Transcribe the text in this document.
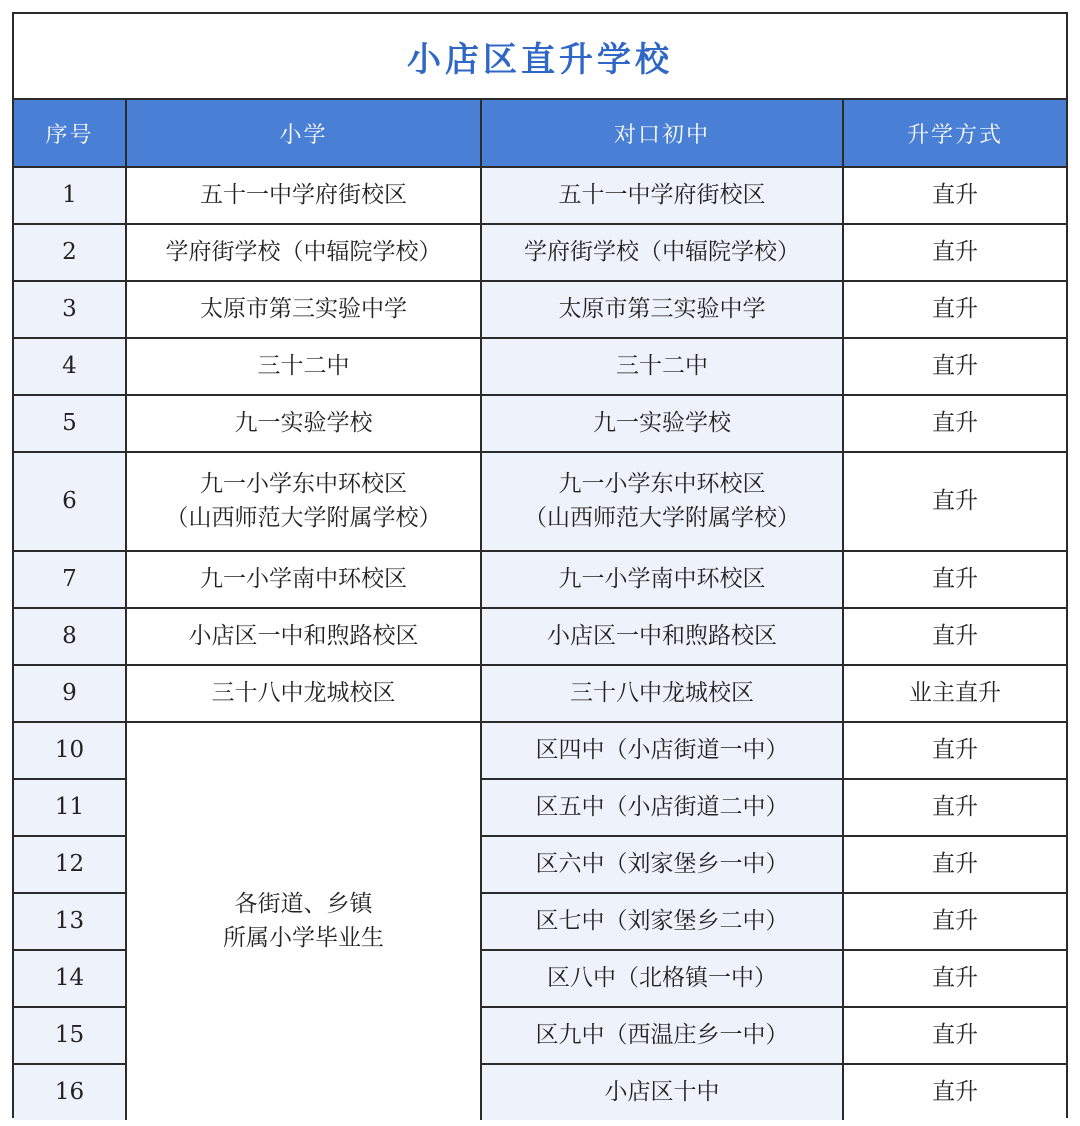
小店区直升学校
序号	小学	对口初中	升学方式
1	五十一中学府街校区	五十一中学府街校区	直升
2	学府街学校（中辐院学校）	学府街学校（中辐院学校）	直升
3	太原市第三实验中学	太原市第三实验中学	直升
4	三十二中	三十二中	直升
5	九一实验学校	九一实验学校	直升
6	九一小学东中环校区
（山西师范大学附属学校）	九一小学东中环校区
（山西师范大学附属学校）	直升
7	九一小学南中环校区	九一小学南中环校区	直升
8	小店区一中和煦路校区	小店区一中和煦路校区	直升
9	三十八中龙城校区	三十八中龙城校区	业主直升
10	各街道、乡镇
所属小学毕业生	区四中（小店街道一中）	直升
11		区五中（小店街道二中）	直升
12		区六中（刘家堡乡一中）	直升
13		区七中（刘家堡乡二中）	直升
14		区八中（北格镇一中）	直升
15		区九中（西温庄乡一中）	直升
16		小店区十中	直升
